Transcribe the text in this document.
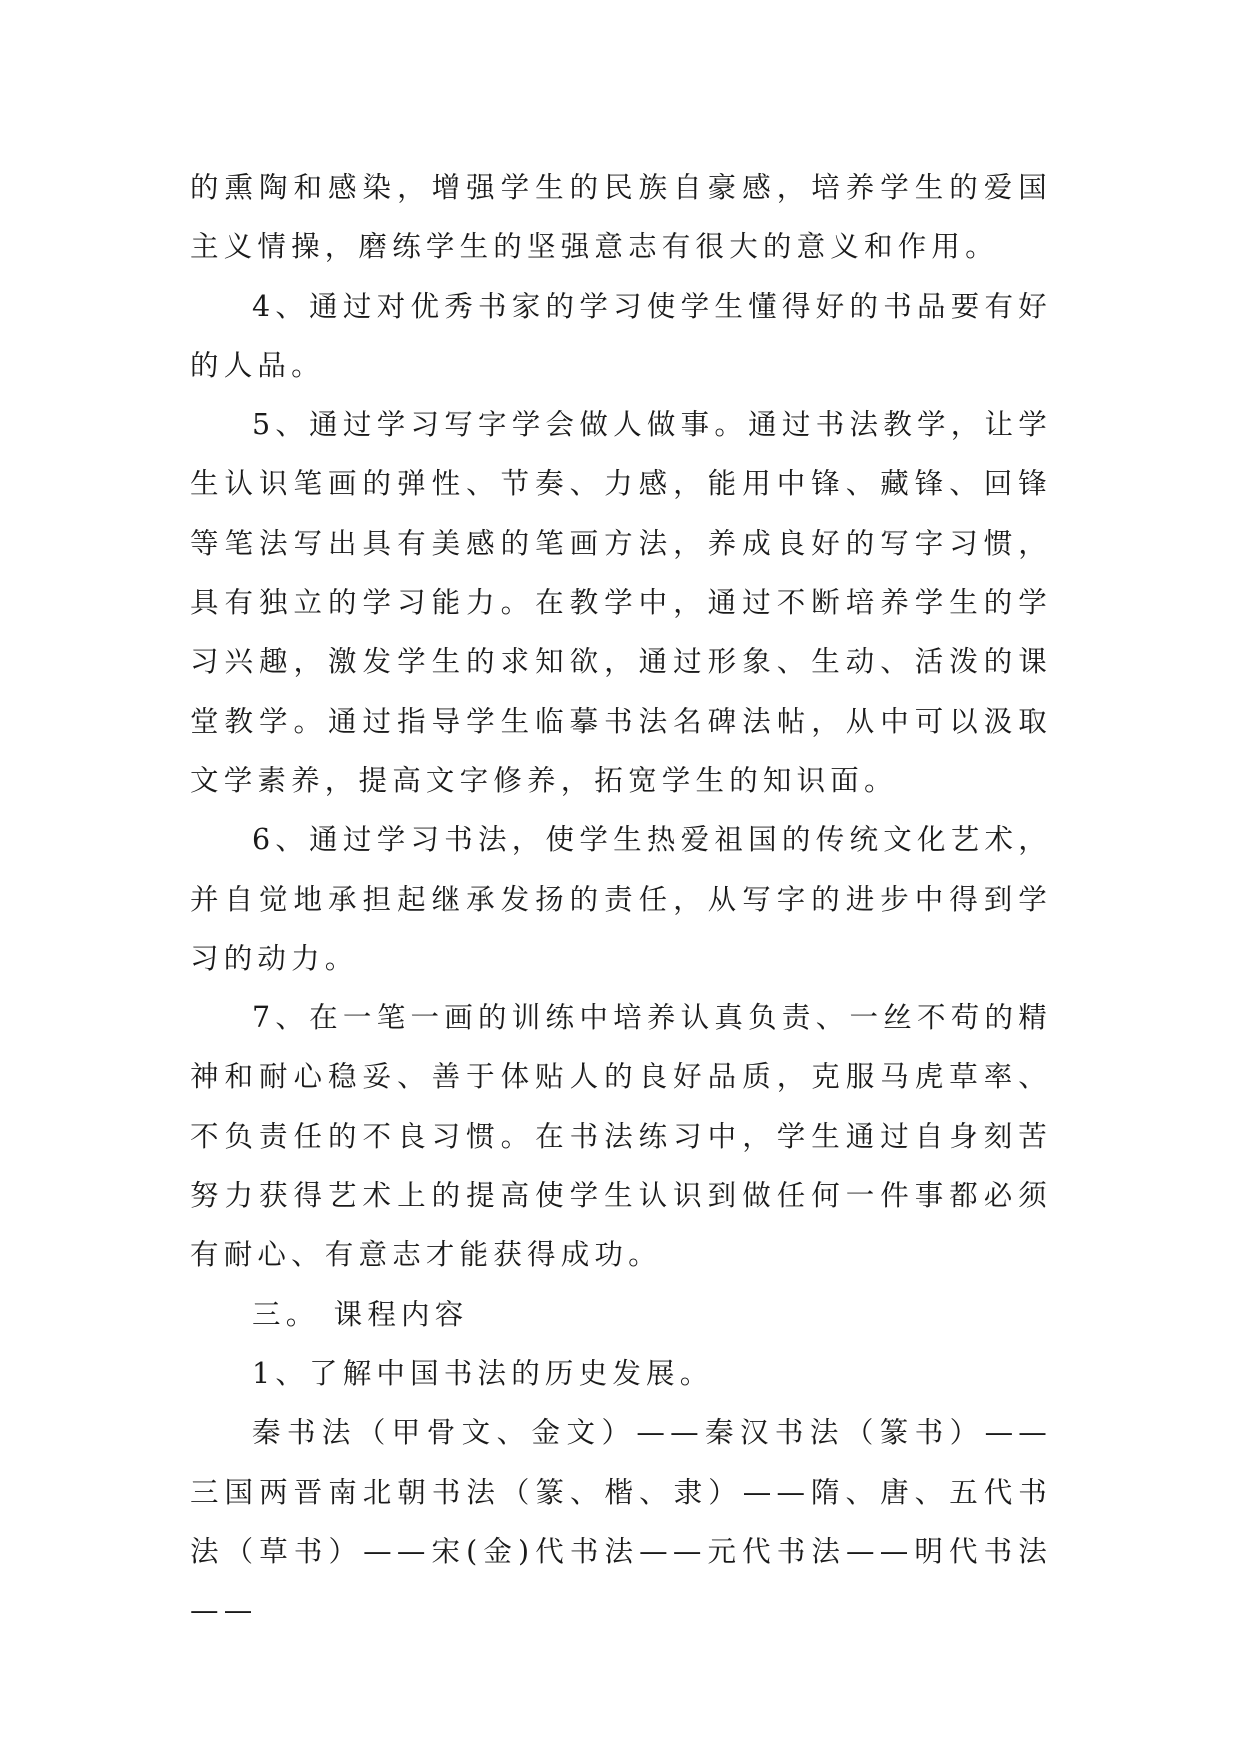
的熏陶和感染，增强学生的民族自豪感，培养学生的爱国主义情操，磨练学生的坚强意志有很大的意义和作用。

4、通过对优秀书家的学习使学生懂得好的书品要有好的人品。

5、通过学习写字学会做人做事。通过书法教学，让学生认识笔画的弹性、节奏、力感，能用中锋、藏锋、回锋等笔法写出具有美感的笔画方法，养成良好的写字习惯，具有独立的学习能力。在教学中，通过不断培养学生的学习兴趣，激发学生的求知欲，通过形象、生动、活泼的课堂教学。通过指导学生临摹书法名碑法帖，从中可以汲取文学素养，提高文字修养，拓宽学生的知识面。

6、通过学习书法，使学生热爱祖国的传统文化艺术，并自觉地承担起继承发扬的责任，从写字的进步中得到学习的动力。

7、在一笔一画的训练中培养认真负责、一丝不苟的精神和耐心稳妥、善于体贴人的良好品质，克服马虎草率、不负责任的不良习惯。在书法练习中，学生通过自身刻苦努力获得艺术上的提高使学生认识到做任何一件事都必须有耐心、有意志才能获得成功。

三。 课程内容

1、了解中国书法的历史发展。

秦书法（甲骨文、金文）——秦汉书法（篆书）——三国两晋南北朝书法（篆、楷、隶）——隋、唐、五代书法（草书）——宋(金)代书法——元代书法——明代书法——
